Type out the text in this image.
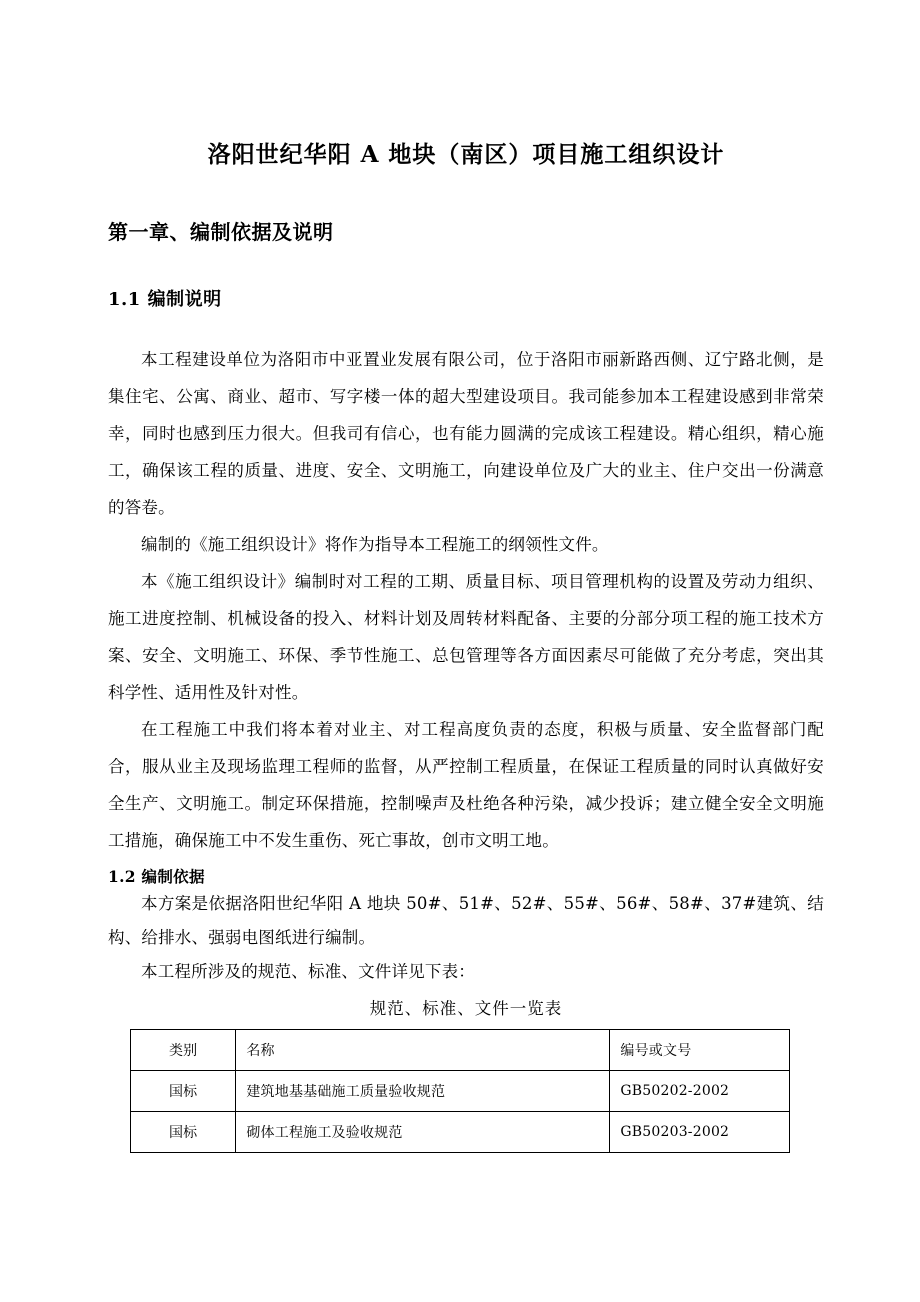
洛阳世纪华阳 A 地块（南区）项目施工组织设计
第一章、编制依据及说明
1.1 编制说明

本工程建设单位为洛阳市中亚置业发展有限公司，位于洛阳市丽新路西侧、辽宁路北侧，是集住宅、公寓、商业、超市、写字楼一体的超大型建设项目。我司能参加本工程建设感到非常荣幸，同时也感到压力很大。但我司有信心，也有能力圆满的完成该工程建设。精心组织，精心施工，确保该工程的质量、进度、安全、文明施工，向建设单位及广大的业主、住户交出一份满意的答卷。

编制的《施工组织设计》将作为指导本工程施工的纲领性文件。

本《施工组织设计》编制时对工程的工期、质量目标、项目管理机构的设置及劳动力组织、施工进度控制、机械设备的投入、材料计划及周转材料配备、主要的分部分项工程的施工技术方案、安全、文明施工、环保、季节性施工、总包管理等各方面因素尽可能做了充分考虑，突出其科学性、适用性及针对性。

在工程施工中我们将本着对业主、对工程高度负责的态度，积极与质量、安全监督部门配合，服从业主及现场监理工程师的监督，从严控制工程质量，在保证工程质量的同时认真做好安全生产、文明施工。制定环保措施，控制噪声及杜绝各种污染，减少投诉；建立健全安全文明施工措施，确保施工中不发生重伤、死亡事故，创市文明工地。

1.2 编制依据

本方案是依据洛阳世纪华阳 A 地块 50#、51#、52#、55#、56#、58#、37#建筑、结构、给排水、强弱电图纸进行编制。

本工程所涉及的规范、标准、文件详见下表：

规范、标准、文件一览表

类别	名称	编号或文号
国标	建筑地基基础施工质量验收规范	GB50202-2002
国标	砌体工程施工及验收规范	GB50203-2002
